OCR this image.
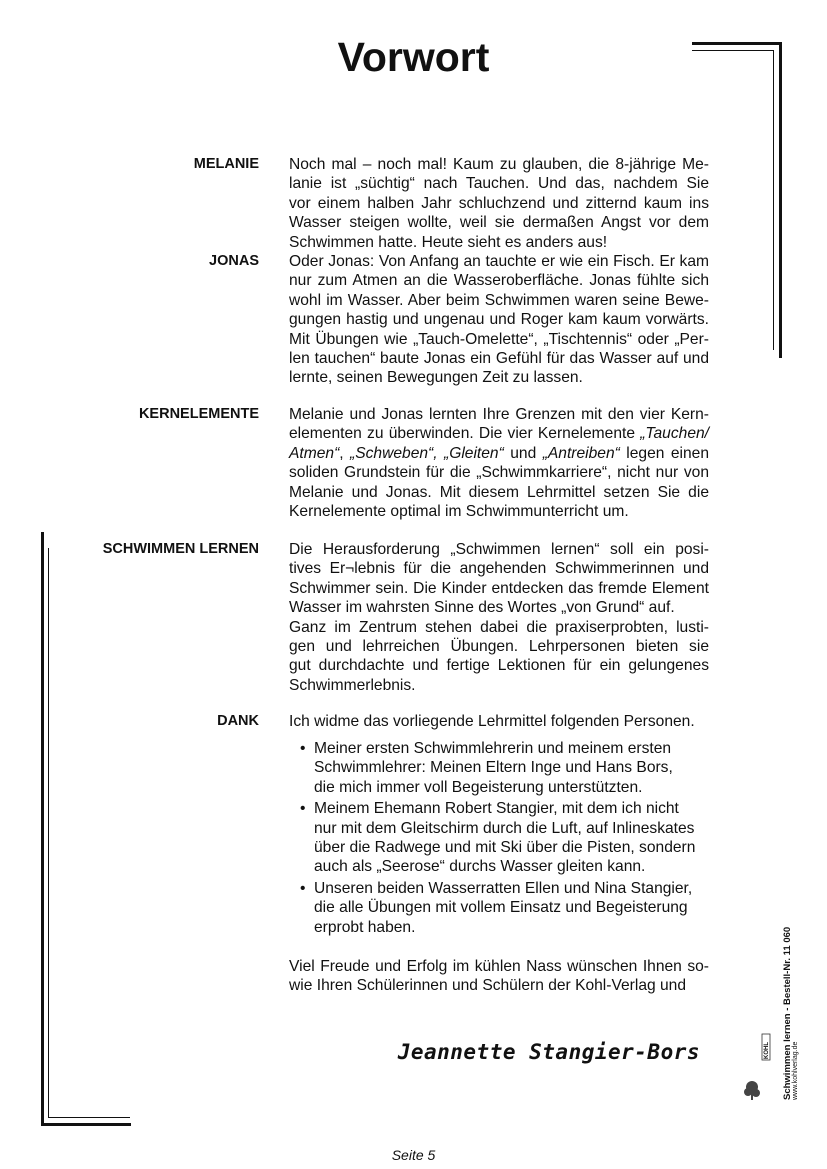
Vorwort
MELANIE Noch mal – noch mal! Kaum zu glauben, die 8-jährige Me-
lanie ist „süchtig“ nach Tauchen. Und das, nachdem Sie
vor einem halben Jahr schluchzend und zitternd kaum ins
Wasser steigen wollte, weil sie dermaßen Angst vor dem
Schwimmen hatte. Heute sieht es anders aus!
JONAS Oder Jonas: Von Anfang an tauchte er wie ein Fisch. Er kam
nur zum Atmen an die Wasseroberfläche. Jonas fühlte sich
wohl im Wasser. Aber beim Schwimmen waren seine Bewe-
gungen hastig und ungenau und Roger kam kaum vorwärts.
Mit Übungen wie „Tauch-Omelette“, „Tischtennis“ oder „Per-
len tauchen“ baute Jonas ein Gefühl für das Wasser auf und
lernte, seinen Bewegungen Zeit zu lassen.
KERNELEMENTE Melanie und Jonas lernten Ihre Grenzen mit den vier Kern-
elementen zu überwinden. Die vier Kernelemente „Tauchen/
Atmen“, „Schweben“, „Gleiten“ und „Antreiben“ legen einen
soliden Grundstein für die „Schwimmkarriere“, nicht nur von
Melanie und Jonas. Mit diesem Lehrmittel setzen Sie die
Kernelemente optimal im Schwimmunterricht um.
SCHWIMMEN LERNEN Die Herausforderung „Schwimmen lernen“ soll ein posi-
tives Er¬lebnis für die angehenden Schwimmerinnen und
Schwimmer sein. Die Kinder entdecken das fremde Element
Wasser im wahrsten Sinne des Wortes „von Grund“ auf.
Ganz im Zentrum stehen dabei die praxiserprobten, lusti-
gen und lehrreichen Übungen. Lehrpersonen bieten sie
gut durchdachte und fertige Lektionen für ein gelungenes
Schwimmerlebnis.
DANK Ich widme das vorliegende Lehrmittel folgenden Personen.
• Meiner ersten Schwimmlehrerin und meinem ersten
Schwimmlehrer: Meinen Eltern Inge und Hans Bors,
die mich immer voll Begeisterung unterstützten.
• Meinem Ehemann Robert Stangier, mit dem ich nicht
nur mit dem Gleitschirm durch die Luft, auf Inlineskates
über die Radwege und mit Ski über die Pisten, sondern
auch als „Seerose“ durchs Wasser gleiten kann.
• Unseren beiden Wasserratten Ellen und Nina Stangier,
die alle Übungen mit vollem Einsatz und Begeisterung
erprobt haben.
Viel Freude und Erfolg im kühlen Nass wünschen Ihnen so-
wie Ihren Schülerinnen und Schülern der Kohl-Verlag und
Jeannette Stangier-Bors
Seite 5
Schwimmen lernen - Bestell-Nr. 11 060 www.kohlverlag.de
KOHL
